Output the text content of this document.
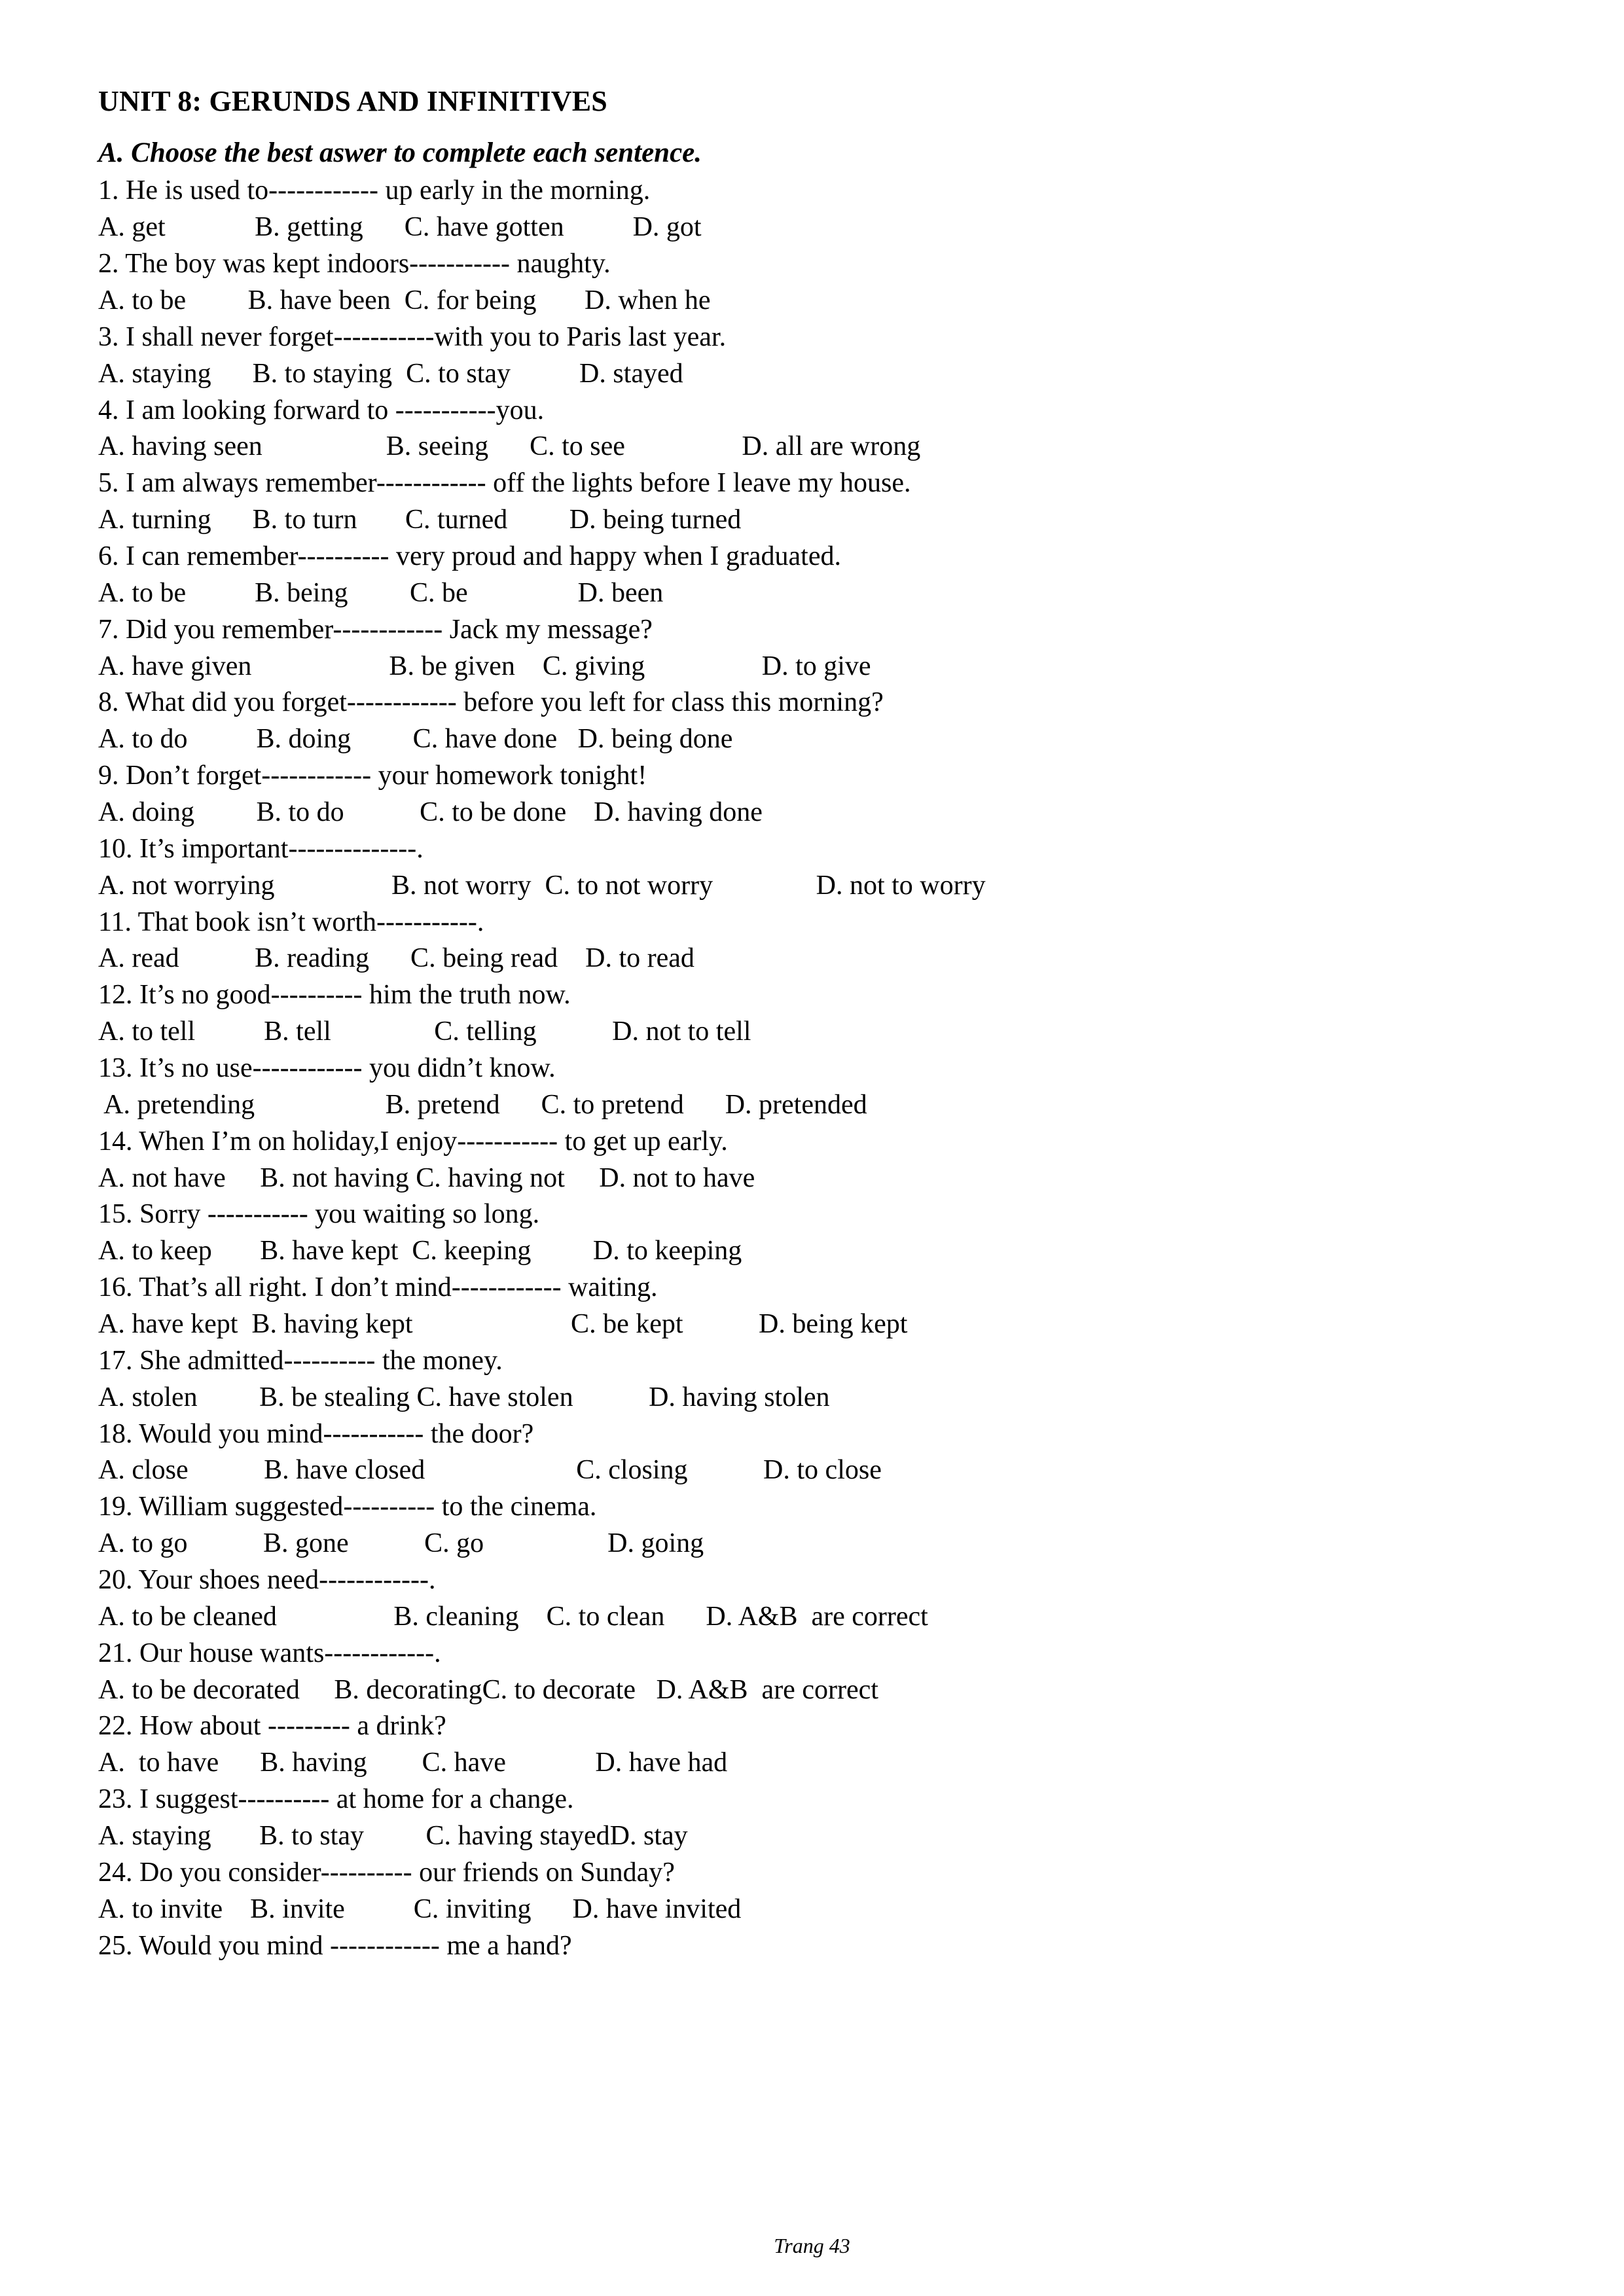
UNIT 8: GERUNDS AND INFINITIVES
A. Choose the best aswer to complete each sentence.
1. He is used to------------ up early in the morning.
A. get             B. getting      C. have gotten          D. got
2. The boy was kept indoors----------- naughty.
A. to be         B. have been  C. for being       D. when he
3. I shall never forget-----------with you to Paris last year.
A. staying      B. to staying  C. to stay          D. stayed
4. I am looking forward to -----------you.
A. having seen                  B. seeing      C. to see                 D. all are wrong
5. I am always remember------------ off the lights before I leave my house.
A. turning      B. to turn       C. turned         D. being turned
6. I can remember---------- very proud and happy when I graduated.
A. to be          B. being         C. be                D. been
7. Did you remember------------ Jack my message?
A. have given                    B. be given    C. giving                 D. to give
8. What did you forget------------ before you left for class this morning?
A. to do          B. doing         C. have done   D. being done
9. Don’t forget------------ your homework tonight!
A. doing         B. to do           C. to be done    D. having done
10. It’s important--------------.
A. not worrying                 B. not worry  C. to not worry               D. not to worry
11. That book isn’t worth-----------.
A. read           B. reading      C. being read    D. to read
12. It’s no good---------- him the truth now.
A. to tell          B. tell               C. telling           D. not to tell
13. It’s no use------------ you didn’t know.
A. pretending                   B. pretend      C. to pretend      D. pretended
14. When I’m on holiday,I enjoy----------- to get up early.
A. not have     B. not having C. having not     D. not to have
15. Sorry ----------- you waiting so long.
A. to keep       B. have kept  C. keeping         D. to keeping
16. That’s all right. I don’t mind------------ waiting.
A. have kept  B. having kept                       C. be kept           D. being kept
17. She admitted---------- the money.
A. stolen         B. be stealing C. have stolen           D. having stolen
18. Would you mind----------- the door?
A. close           B. have closed                      C. closing           D. to close
19. William suggested---------- to the cinema.
A. to go           B. gone           C. go                  D. going
20. Your shoes need------------.
A. to be cleaned                 B. cleaning    C. to clean      D. A&B  are correct
21. Our house wants------------.
A. to be decorated     B. decoratingC. to decorate   D. A&B  are correct
22. How about --------- a drink?
A.  to have      B. having        C. have             D. have had
23. I suggest---------- at home for a change.
A. staying       B. to stay         C. having stayedD. stay
24. Do you consider---------- our friends on Sunday?
A. to invite    B. invite          C. inviting      D. have invited
25. Would you mind ------------ me a hand?
Trang 43
